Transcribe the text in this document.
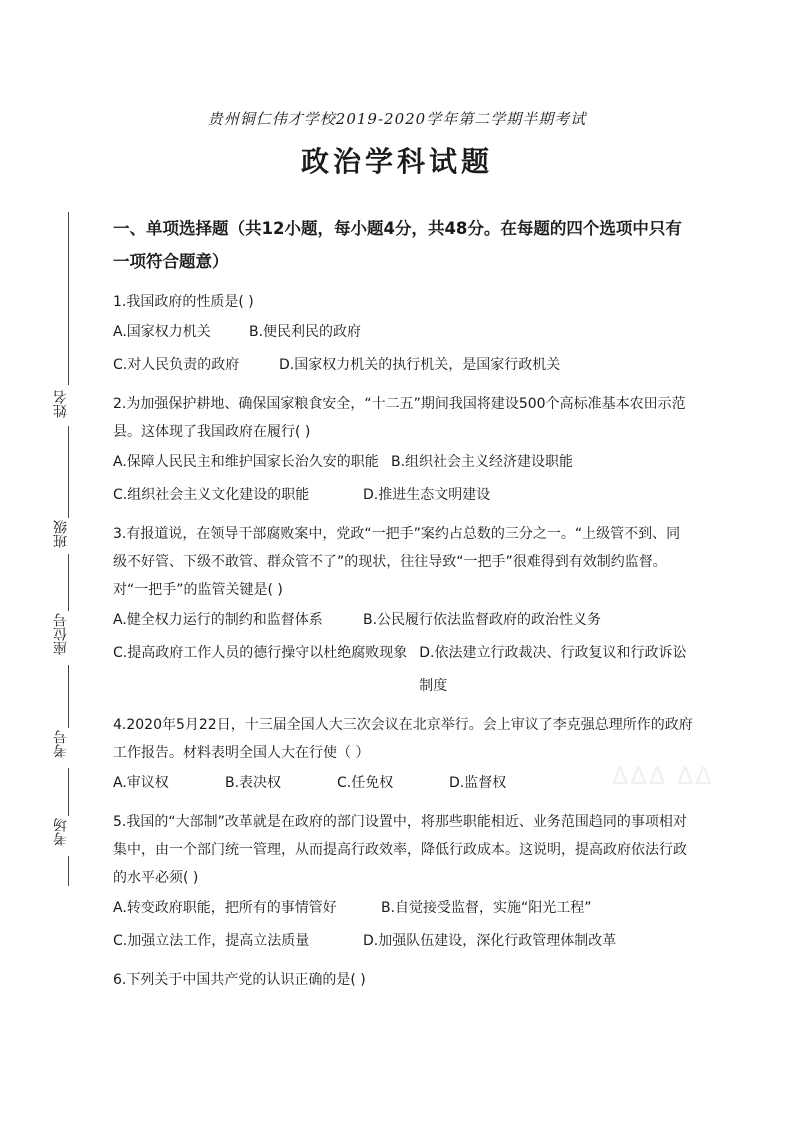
贵州铜仁伟才学校2019-2020学年第二学期半期考试
政治学科试题
姓名
班级
座位号
考号
考场
一、单项选择题（共12小题，每小题4分，共48分。在每题的四个选项中只有一项符合题意）
1.我国政府的性质是( )
A.国家权力机关	B.便民利民的政府
C.对人民负责的政府	D.国家权力机关的执行机关，是国家行政机关
2.为加强保护耕地、确保国家粮食安全，“十二五”期间我国将建设500个高标准基本农田示范县。这体现了我国政府在履行( )
A.保障人民民主和维护国家长治久安的职能 B.组织社会主义经济建设职能
C.组织社会主义文化建设的职能	D.推进生态文明建设
3.有报道说，在领导干部腐败案中，党政“一把手”案约占总数的三分之一。“上级管不到、同级不好管、下级不敢管、群众管不了”的现状，往往导致“一把手”很难得到有效制约监督。对“一把手”的监管关键是( )
A.健全权力运行的制约和监督体系	B.公民履行依法监督政府的政治性义务
C.提高政府工作人员的德行操守以杜绝腐败现象 D.依法建立行政裁决、行政复议和行政诉讼制度
4.2020年5月22日，十三届全国人大三次会议在北京举行。会上审议了李克强总理所作的政府工作报告。材料表明全国人大在行使（ ）
A.审议权	B.表决权	C.任免权	D.监督权
5.我国的“大部制”改革就是在政府的部门设置中，将那些职能相近、业务范围趋同的事项相对集中，由一个部门统一管理，从而提高行政效率，降低行政成本。这说明，提高政府依法行政的水平必须( )
A.转变政府职能，把所有的事情管好	B.自觉接受监督，实施“阳光工程”
C.加强立法工作，提高立法质量	D.加强队伍建设，深化行政管理体制改革
6.下列关于中国共产党的认识正确的是( )
ΔΔΔ ΔΔ
